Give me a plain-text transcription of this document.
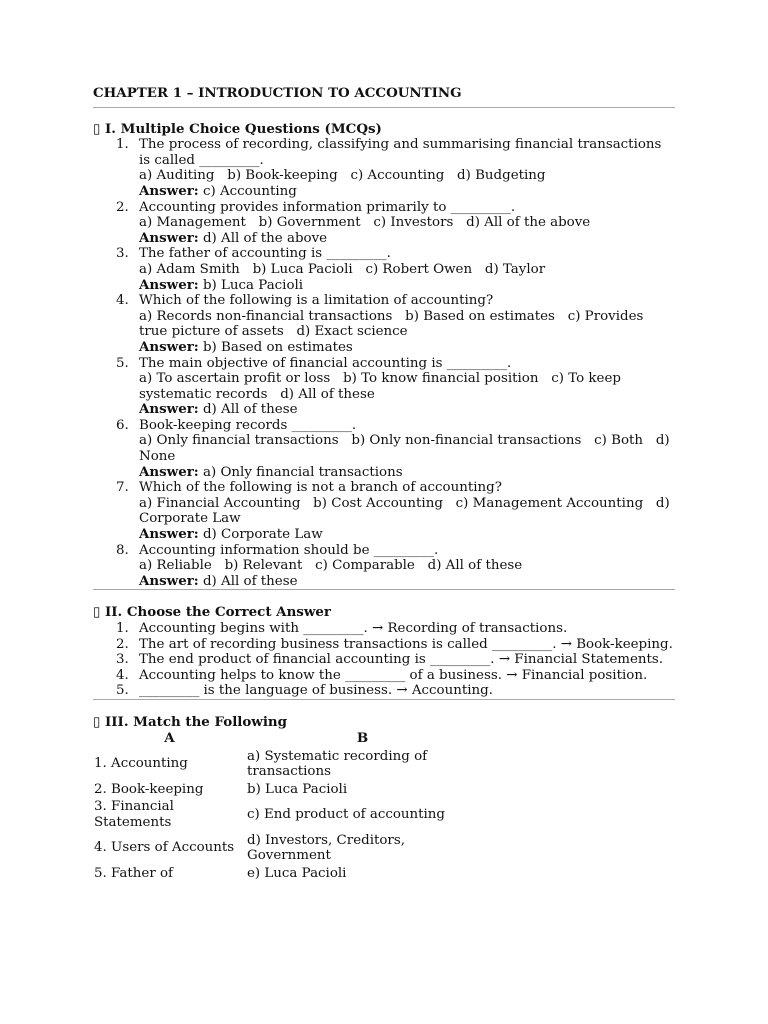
CHAPTER 1 – INTRODUCTION TO ACCOUNTING
▯ I. Multiple Choice Questions (MCQs)
1. The process of recording, classifying and summarising financial transactions is called _________.
a) Auditing   b) Book-keeping   c) Accounting   d) Budgeting
Answer: c) Accounting
2. Accounting provides information primarily to _________.
a) Management   b) Government   c) Investors   d) All of the above
Answer: d) All of the above
3. The father of accounting is _________.
a) Adam Smith   b) Luca Pacioli   c) Robert Owen   d) Taylor
Answer: b) Luca Pacioli
4. Which of the following is a limitation of accounting?
a) Records non-financial transactions   b) Based on estimates   c) Provides true picture of assets   d) Exact science
Answer: b) Based on estimates
5. The main objective of financial accounting is _________.
a) To ascertain profit or loss   b) To know financial position   c) To keep systematic records   d) All of these
Answer: d) All of these
6. Book-keeping records _________.
a) Only financial transactions   b) Only non-financial transactions   c) Both   d) None
Answer: a) Only financial transactions
7. Which of the following is not a branch of accounting?
a) Financial Accounting   b) Cost Accounting   c) Management Accounting   d) Corporate Law
Answer: d) Corporate Law
8. Accounting information should be _________.
a) Reliable   b) Relevant   c) Comparable   d) All of these
Answer: d) All of these
▯ II. Choose the Correct Answer
1. Accounting begins with _________. → Recording of transactions.
2. The art of recording business transactions is called _________. → Book-keeping.
3. The end product of financial accounting is _________. → Financial Statements.
4. Accounting helps to know the _________ of a business. → Financial position.
5. _________ is the language of business. → Accounting.
▯ III. Match the Following
A	B
1. Accounting	a) Systematic recording of transactions
2. Book-keeping	b) Luca Pacioli
3. Financial Statements	c) End product of accounting
4. Users of Accounts	d) Investors, Creditors, Government
5. Father of	e) Luca Pacioli
